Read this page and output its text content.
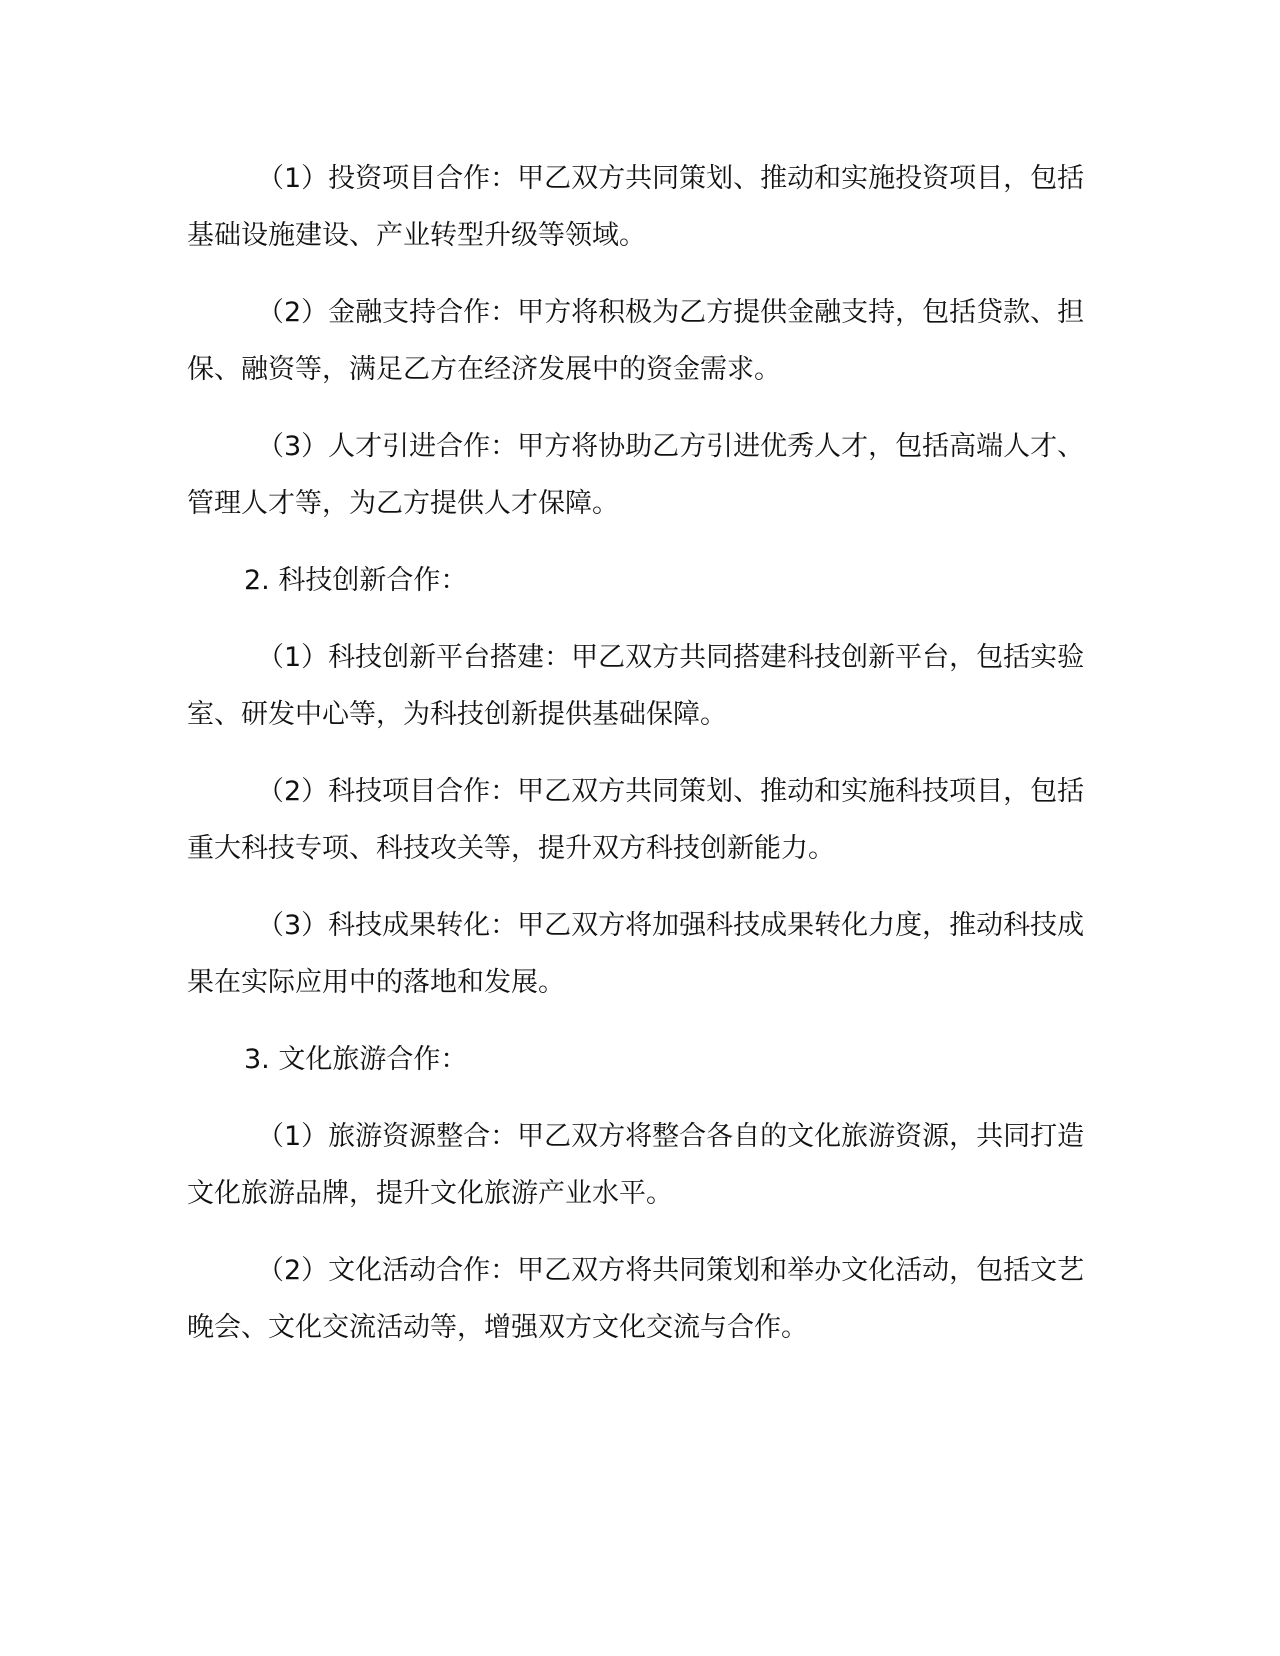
（1）投资项目合作：甲乙双方共同策划、推动和实施投资项目，包括基础设施建设、产业转型升级等领域。

（2）金融支持合作：甲方将积极为乙方提供金融支持，包括贷款、担保、融资等，满足乙方在经济发展中的资金需求。

（3）人才引进合作：甲方将协助乙方引进优秀人才，包括高端人才、管理人才等，为乙方提供人才保障。

2. 科技创新合作：

（1）科技创新平台搭建：甲乙双方共同搭建科技创新平台，包括实验室、研发中心等，为科技创新提供基础保障。

（2）科技项目合作：甲乙双方共同策划、推动和实施科技项目，包括重大科技专项、科技攻关等，提升双方科技创新能力。

（3）科技成果转化：甲乙双方将加强科技成果转化力度，推动科技成果在实际应用中的落地和发展。

3. 文化旅游合作：

（1）旅游资源整合：甲乙双方将整合各自的文化旅游资源，共同打造文化旅游品牌，提升文化旅游产业水平。

（2）文化活动合作：甲乙双方将共同策划和举办文化活动，包括文艺晚会、文化交流活动等，增强双方文化交流与合作。
